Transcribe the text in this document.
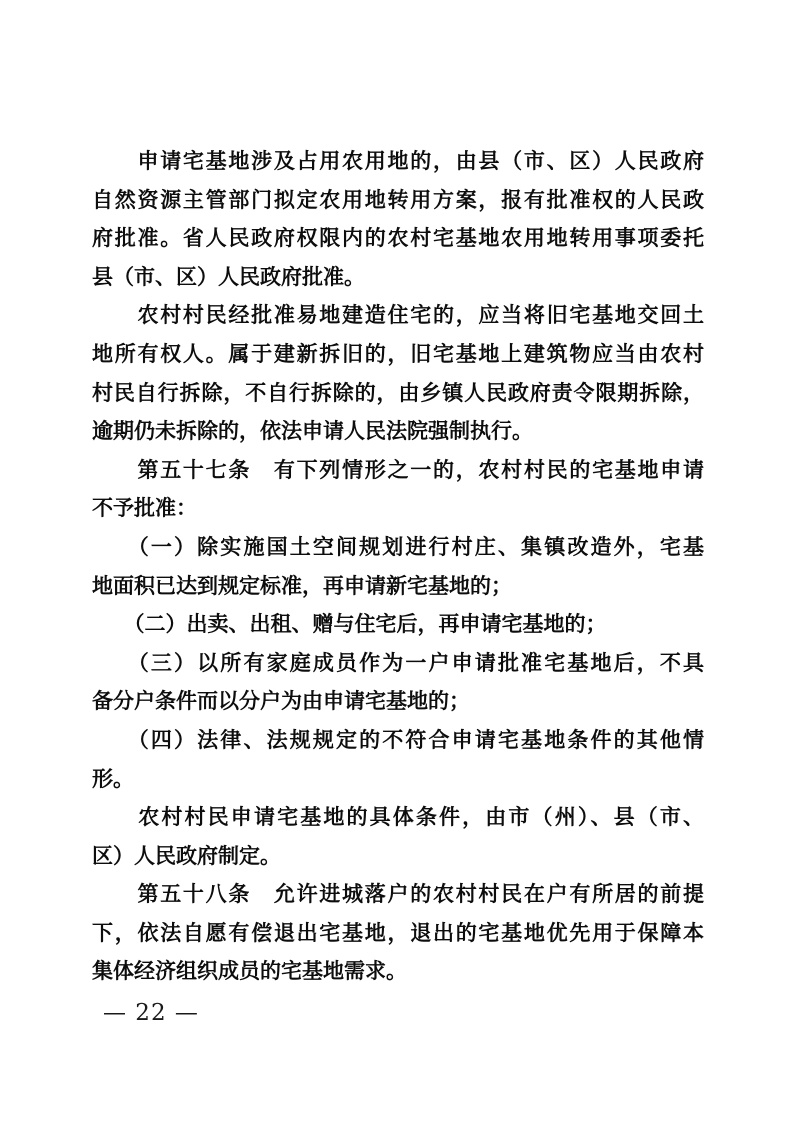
　　申请宅基地涉及占用农用地的，由县（市、区）人民政府
自然资源主管部门拟定农用地转用方案，报有批准权的人民政
府批准。省人民政府权限内的农村宅基地农用地转用事项委托
县（市、区）人民政府批准。
　　农村村民经批准易地建造住宅的，应当将旧宅基地交回土
地所有权人。属于建新拆旧的，旧宅基地上建筑物应当由农村
村民自行拆除，不自行拆除的，由乡镇人民政府责令限期拆除，
逾期仍未拆除的，依法申请人民法院强制执行。
　　第五十七条　有下列情形之一的，农村村民的宅基地申请
不予批准：
　　（一）除实施国土空间规划进行村庄、集镇改造外，宅基
地面积已达到规定标准，再申请新宅基地的；
　　（二）出卖、出租、赠与住宅后，再申请宅基地的；
　　（三）以所有家庭成员作为一户申请批准宅基地后，不具
备分户条件而以分户为由申请宅基地的；
　　（四）法律、法规规定的不符合申请宅基地条件的其他情
形。
　　农村村民申请宅基地的具体条件，由市（州）、县（市、
区）人民政府制定。
　　第五十八条　允许进城落户的农村村民在户有所居的前提
下，依法自愿有偿退出宅基地，退出的宅基地优先用于保障本
集体经济组织成员的宅基地需求。
— 22 —
